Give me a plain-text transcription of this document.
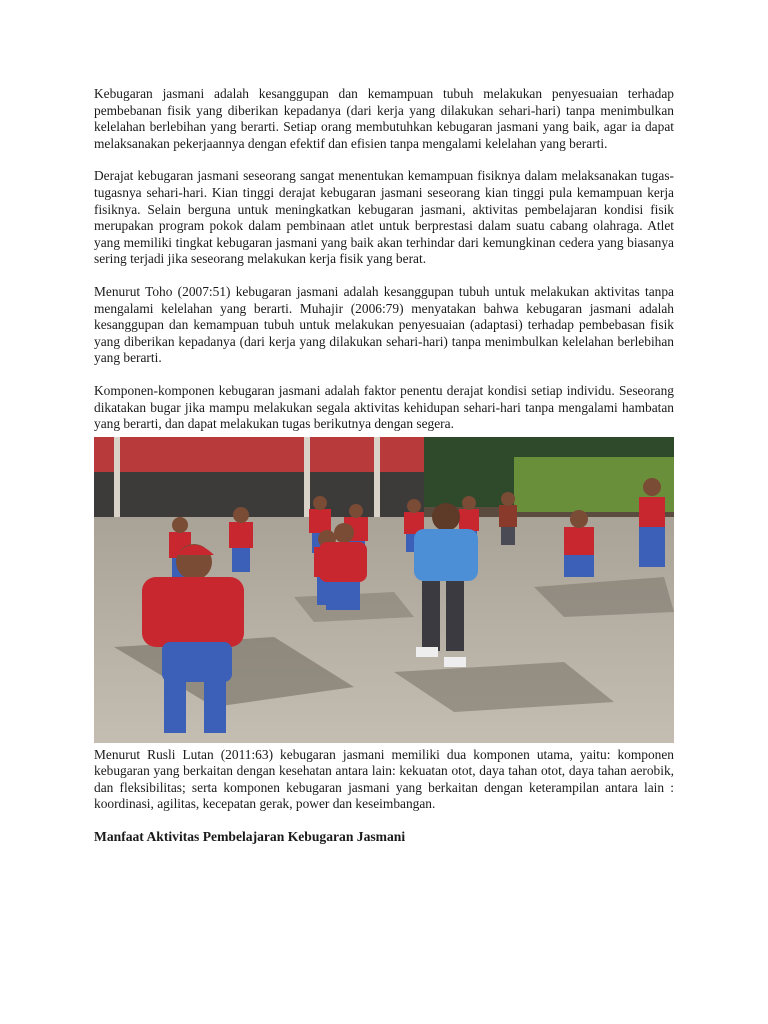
Kebugaran jasmani adalah kesanggupan dan kemampuan tubuh melakukan penyesuaian terhadap pembebanan fisik yang diberikan kepadanya (dari kerja yang dilakukan sehari-hari) tanpa menimbulkan kelelahan berlebihan yang berarti. Setiap orang membutuhkan kebugaran jasmani yang baik, agar ia dapat melaksanakan pekerjaannya dengan efektif dan efisien tanpa mengalami kelelahan yang berarti.

Derajat kebugaran jasmani seseorang sangat menentukan kemampuan fisiknya dalam melaksanakan tugas-tugasnya sehari-hari. Kian tinggi derajat kebugaran jasmani seseorang kian tinggi pula kemampuan kerja fisiknya. Selain berguna untuk meningkatkan kebugaran jasmani, aktivitas pembelajaran kondisi fisik merupakan program pokok dalam pembinaan atlet untuk berprestasi dalam suatu cabang olahraga. Atlet yang memiliki tingkat kebugaran jasmani yang baik akan terhindar dari kemungkinan cedera yang biasanya sering terjadi jika seseorang melakukan kerja fisik yang berat.

Menurut Toho (2007:51) kebugaran jasmani adalah kesanggupan tubuh untuk melakukan aktivitas tanpa mengalami kelelahan yang berarti. Muhajir (2006:79) menyatakan bahwa kebugaran jasmani adalah kesanggupan dan kemampuan tubuh untuk melakukan penyesuaian (adaptasi) terhadap pembebasan fisik yang diberikan kepadanya (dari kerja yang dilakukan sehari-hari) tanpa menimbulkan kelelahan berlebihan yang berarti.

Komponen-komponen kebugaran jasmani adalah faktor penentu derajat kondisi setiap individu. Seseorang dikatakan bugar jika mampu melakukan segala aktivitas kehidupan sehari-hari tanpa mengalami hambatan yang berarti, dan dapat melakukan tugas berikutnya dengan segera.

Menurut Rusli Lutan (2011:63) kebugaran jasmani memiliki dua komponen utama, yaitu: komponen kebugaran yang berkaitan dengan kesehatan antara lain: kekuatan otot, daya tahan otot, daya tahan aerobik, dan fleksibilitas; serta komponen kebugaran jasmani yang berkaitan dengan keterampilan antara lain : koordinasi, agilitas, kecepatan gerak, power dan keseimbangan.

Manfaat Aktivitas Pembelajaran Kebugaran Jasmani
